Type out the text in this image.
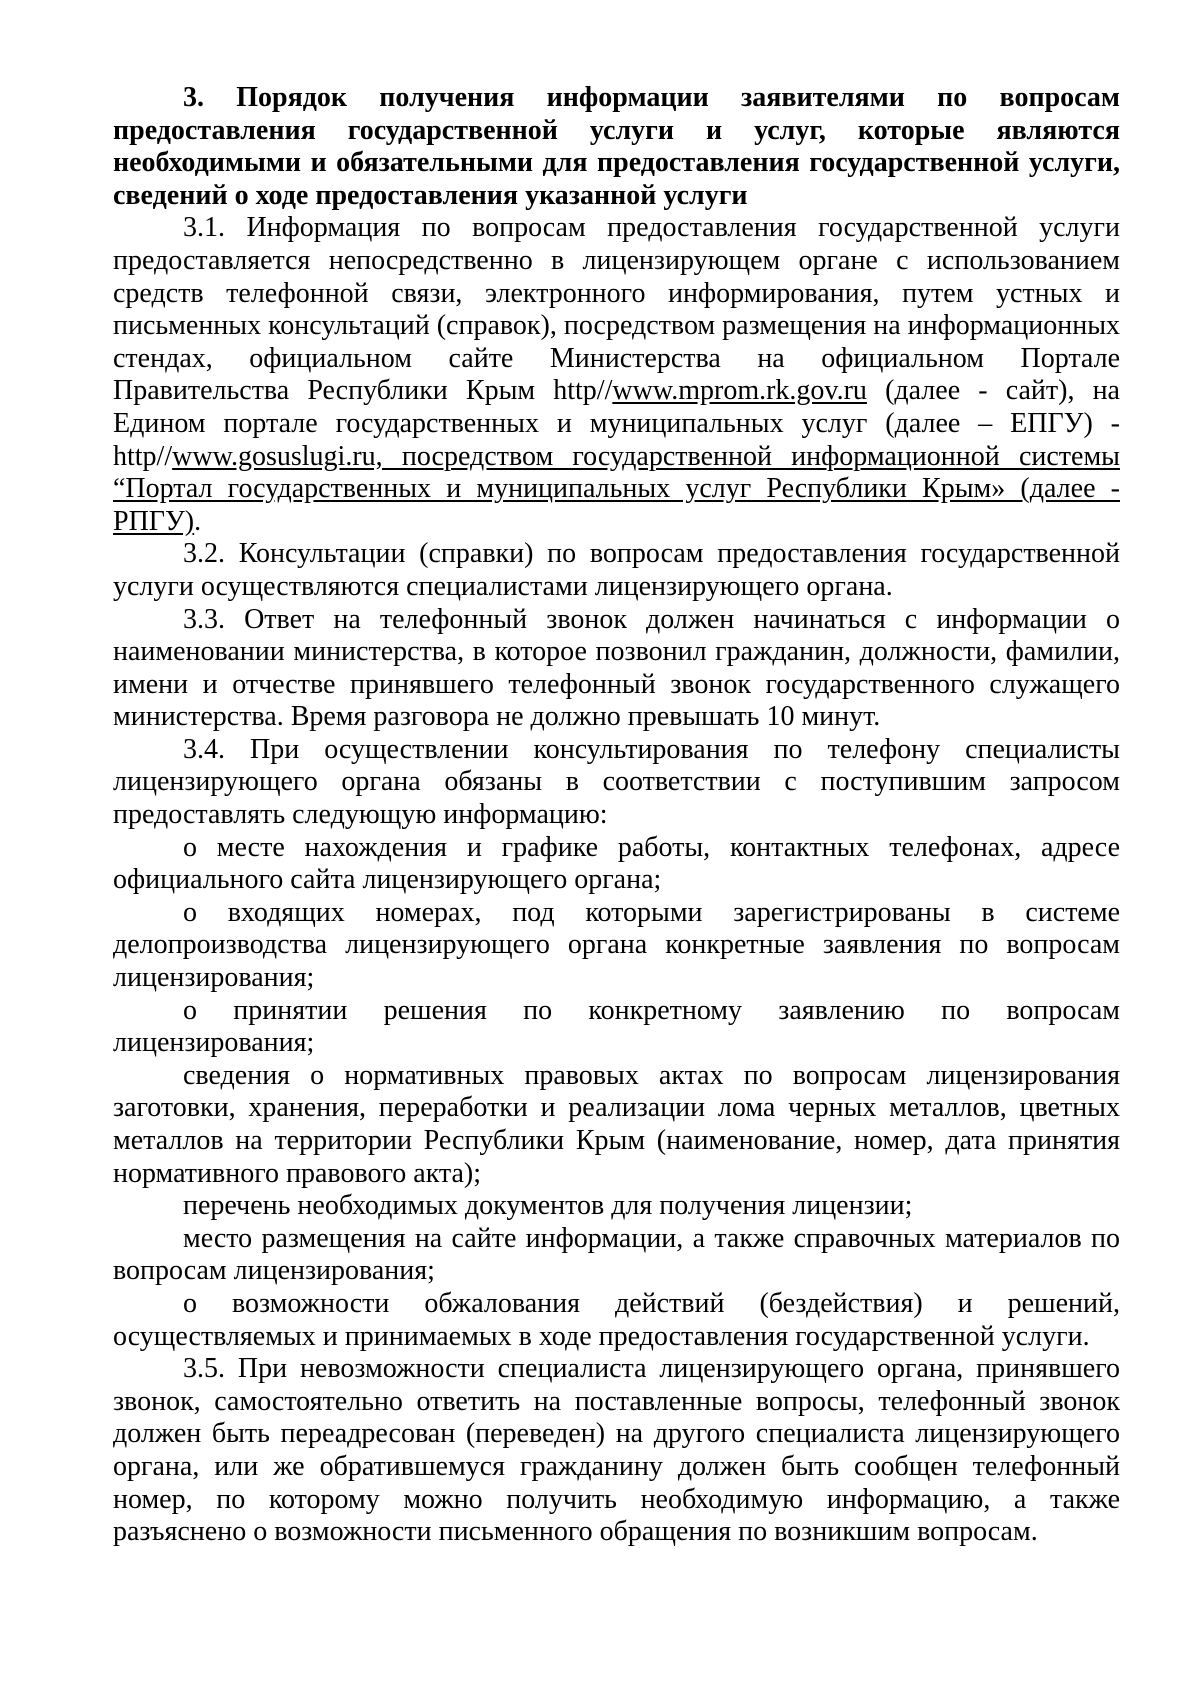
3. Порядок получения информации заявителями по вопросам предоставления государственной услуги и услуг, которые являются необходимыми и обязательными для предоставления государственной услуги, сведений о ходе предоставления указанной услуги

3.1. Информация по вопросам предоставления государственной услуги предоставляется непосредственно в лицензирующем органе с использованием средств телефонной связи, электронного информирования, путем устных и письменных консультаций (справок), посредством размещения на информационных стендах, официальном сайте Министерства на официальном Портале Правительства Республики Крым http//www.mprom.rk.gov.ru (далее - сайт), на Едином портале государственных и муниципальных услуг (далее – ЕПГУ) - http//www.gosuslugi.ru, посредством государственной информационной системы “Портал государственных и муниципальных услуг Республики Крым» (далее - РПГУ).

3.2. Консультации (справки) по вопросам предоставления государственной услуги осуществляются специалистами лицензирующего органа.

3.3. Ответ на телефонный звонок должен начинаться с информации о наименовании министерства, в которое позвонил гражданин, должности, фамилии, имени и отчестве принявшего телефонный звонок государственного служащего министерства. Время разговора не должно превышать 10 минут.

3.4. При осуществлении консультирования по телефону специалисты лицензирующего органа обязаны в соответствии с поступившим запросом предоставлять следующую информацию:

о месте нахождения и графике работы, контактных телефонах, адресе официального сайта лицензирующего органа;

о входящих номерах, под которыми зарегистрированы в системе делопроизводства лицензирующего органа конкретные заявления по вопросам лицензирования;

о принятии решения по конкретному заявлению по вопросам лицензирования;

сведения о нормативных правовых актах по вопросам лицензирования заготовки, хранения, переработки и реализации лома черных металлов, цветных металлов на территории Республики Крым (наименование, номер, дата принятия нормативного правового акта);

перечень необходимых документов для получения лицензии;

место размещения на сайте информации, а также справочных материалов по вопросам лицензирования;

о возможности обжалования действий (бездействия) и решений, осуществляемых и принимаемых в ходе предоставления государственной услуги.

3.5. При невозможности специалиста лицензирующего органа, принявшего звонок, самостоятельно ответить на поставленные вопросы, телефонный звонок должен быть переадресован (переведен) на другого специалиста лицензирующего органа, или же обратившемуся гражданину должен быть сообщен телефонный номер, по которому можно получить необходимую информацию, а также разъяснено о возможности письменного обращения по возникшим вопросам.
